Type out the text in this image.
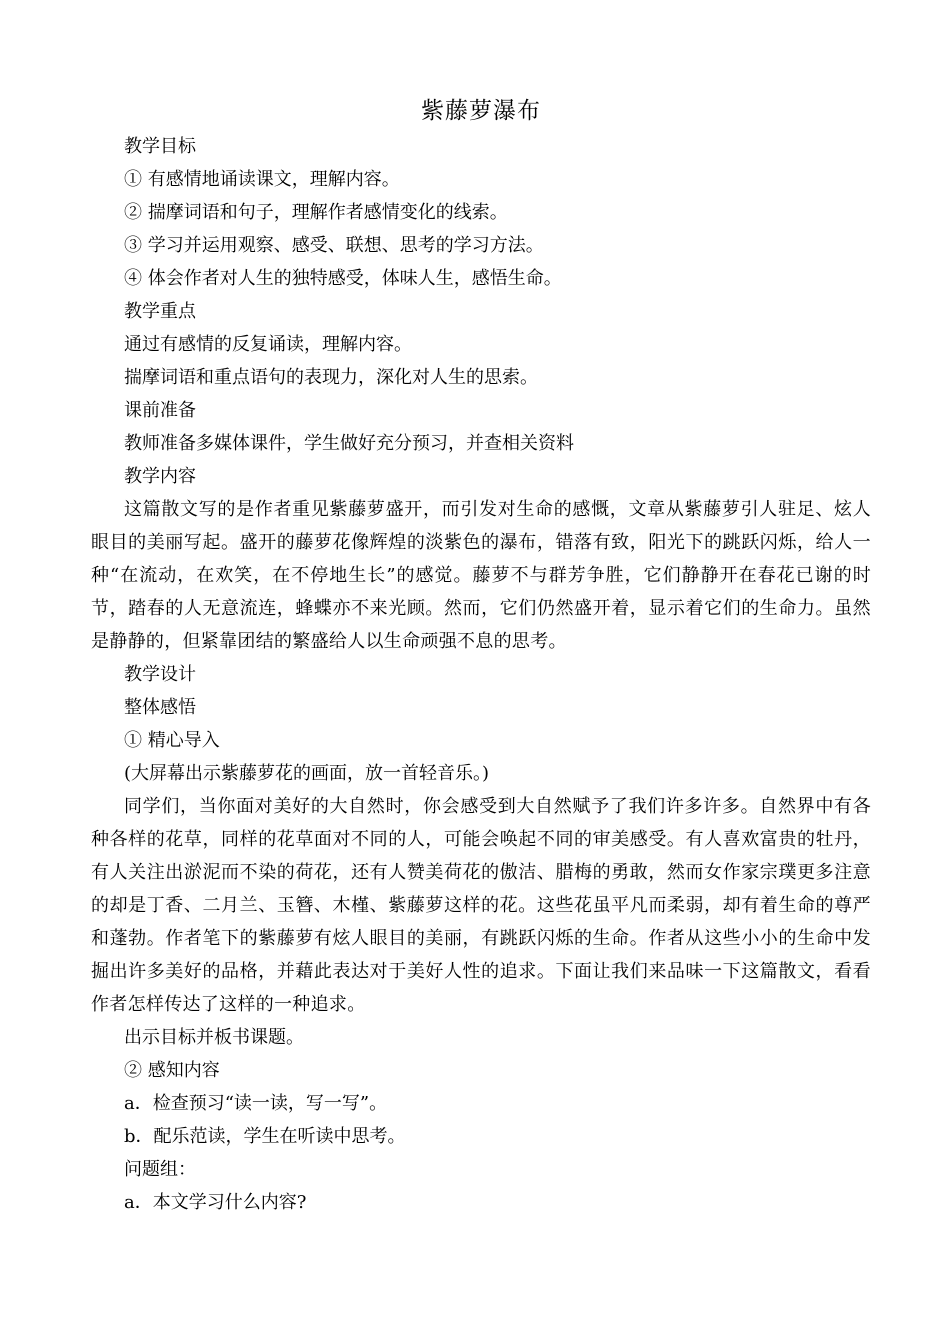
紫藤萝瀑布

教学目标

① 有感情地诵读课文，理解内容。

② 揣摩词语和句子，理解作者感情变化的线索。

③ 学习并运用观察、感受、联想、思考的学习方法。

④ 体会作者对人生的独特感受，体味人生，感悟生命。

教学重点

通过有感情的反复诵读，理解内容。

揣摩词语和重点语句的表现力，深化对人生的思索。

课前准备

教师准备多媒体课件，学生做好充分预习，并查相关资料

教学内容

这篇散文写的是作者重见紫藤萝盛开，而引发对生命的感慨，文章从紫藤萝引人驻足、炫人眼目的美丽写起。盛开的藤萝花像辉煌的淡紫色的瀑布，错落有致，阳光下的跳跃闪烁，给人一种“在流动，在欢笑，在不停地生长”的感觉。藤萝不与群芳争胜，它们静静开在春花已谢的时节，踏春的人无意流连，蜂蝶亦不来光顾。然而，它们仍然盛开着，显示着它们的生命力。虽然是静静的，但紧靠团结的繁盛给人以生命顽强不息的思考。

教学设计

整体感悟

① 精心导入

(大屏幕出示紫藤萝花的画面，放一首轻音乐。)

同学们，当你面对美好的大自然时，你会感受到大自然赋予了我们许多许多。自然界中有各种各样的花草，同样的花草面对不同的人，可能会唤起不同的审美感受。有人喜欢富贵的牡丹，有人关注出淤泥而不染的荷花，还有人赞美荷花的傲洁、腊梅的勇敢，然而女作家宗璞更多注意的却是丁香、二月兰、玉簪、木槿、紫藤萝这样的花。这些花虽平凡而柔弱，却有着生命的尊严和蓬勃。作者笔下的紫藤萝有炫人眼目的美丽，有跳跃闪烁的生命。作者从这些小小的生命中发掘出许多美好的品格，并藉此表达对于美好人性的追求。下面让我们来品味一下这篇散文，看看作者怎样传达了这样的一种追求。

出示目标并板书课题。

② 感知内容

a．检查预习“读一读，写一写”。

b．配乐范读，学生在听读中思考。

问题组：

a．本文学习什么内容?
